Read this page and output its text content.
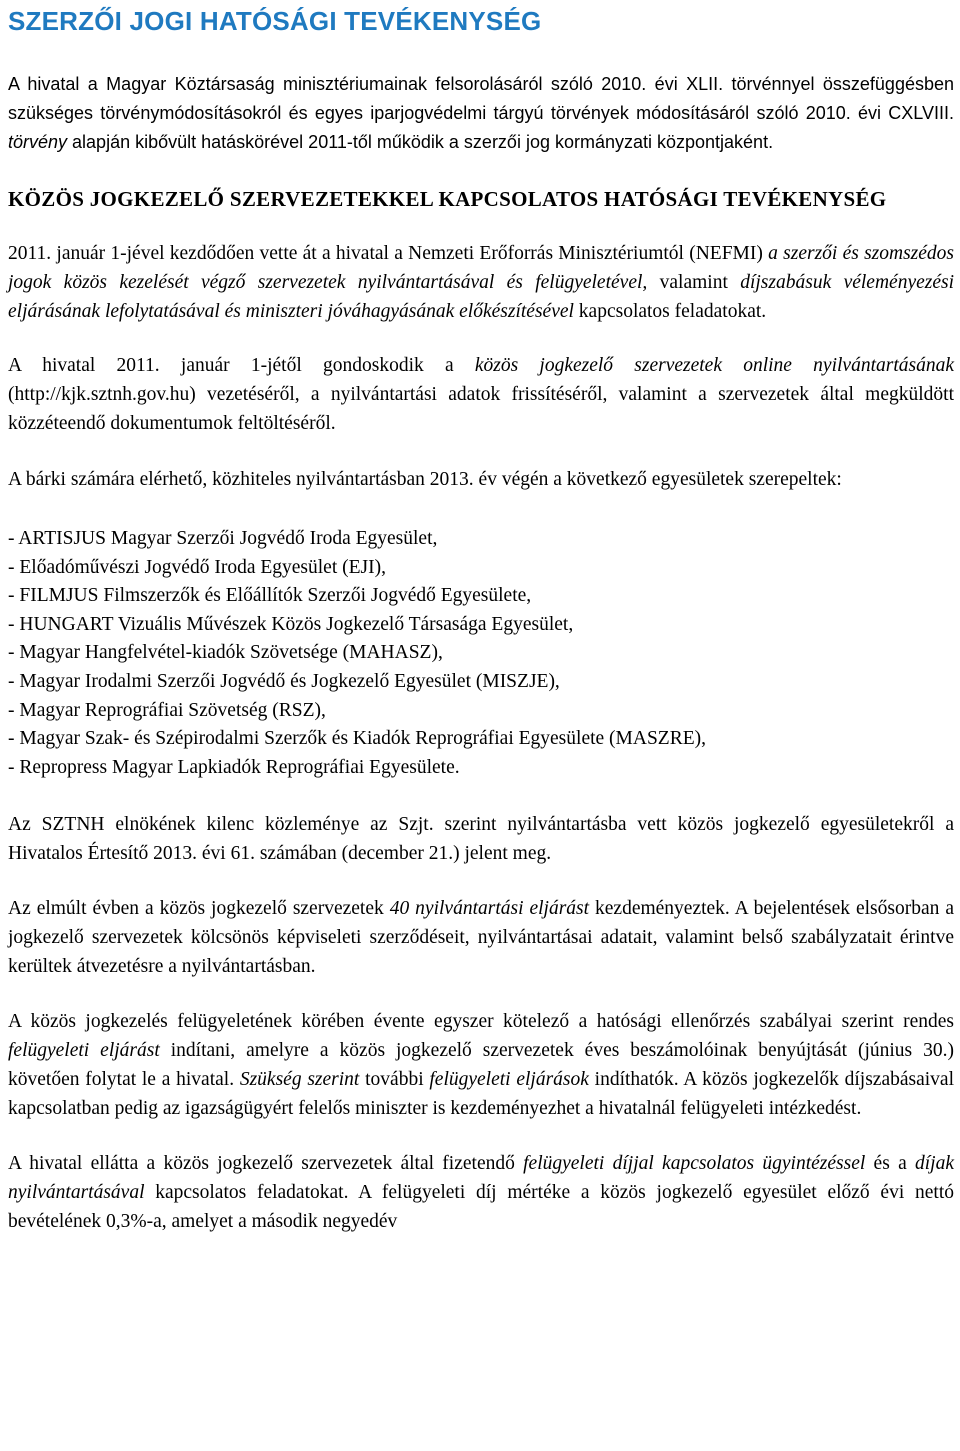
SZERZŐI JOGI HATÓSÁGI TEVÉKENYSÉG

A hivatal a Magyar Köztársaság minisztériumainak felsorolásáról szóló 2010. évi XLII. törvénnyel összefüggésben szükséges törvénymódosításokról és egyes iparjogvédelmi tárgyú törvények módosításáról szóló 2010. évi CXLVIII. törvény alapján kibővült hatáskörével 2011-től működik a szerzői jog kormányzati központjaként.

KÖZÖS JOGKEZELŐ SZERVEZETEKKEL KAPCSOLATOS HATÓSÁGI TEVÉKENYSÉG

2011. január 1-jével kezdődően vette át a hivatal a Nemzeti Erőforrás Minisztériumtól (NEFMI) a szerzői és szomszédos jogok közös kezelését végző szervezetek nyilvántartásával és felügyeletével, valamint díjszabásuk véleményezési eljárásának lefolytatásával és miniszteri jóváhagyásának előkészítésével kapcsolatos feladatokat.

A hivatal 2011. január 1-jétől gondoskodik a közös jogkezelő szervezetek online nyilvántartásának (http://kjk.sztnh.gov.hu) vezetéséről, a nyilvántartási adatok frissítéséről, valamint a szervezetek által megküldött közzéteendő dokumentumok feltöltéséről.

A bárki számára elérhető, közhiteles nyilvántartásban 2013. év végén a következő egyesületek szerepeltek:

- ARTISJUS Magyar Szerzői Jogvédő Iroda Egyesület,
- Előadóművészi Jogvédő Iroda Egyesület (EJI),
- FILMJUS Filmszerzők és Előállítók Szerzői Jogvédő Egyesülete,
- HUNGART Vizuális Művészek Közös Jogkezelő Társasága Egyesület,
- Magyar Hangfelvétel-kiadók Szövetsége (MAHASZ),
- Magyar Irodalmi Szerzői Jogvédő és Jogkezelő Egyesület (MISZJE),
- Magyar Reprográfiai Szövetség (RSZ),
- Magyar Szak- és Szépirodalmi Szerzők és Kiadók Reprográfiai Egyesülete (MASZRE),
- Repropress Magyar Lapkiadók Reprográfiai Egyesülete.

Az SZTNH elnökének kilenc közleménye az Szjt. szerint nyilvántartásba vett közös jogkezelő egyesületekről a Hivatalos Értesítő 2013. évi 61. számában (december 21.) jelent meg.

Az elmúlt évben a közös jogkezelő szervezetek 40 nyilvántartási eljárást kezdeményeztek. A bejelentések elsősorban a jogkezelő szervezetek kölcsönös képviseleti szerződéseit, nyilvántartásai adatait, valamint belső szabályzatait érintve kerültek átvezetésre a nyilvántartásban.

A közös jogkezelés felügyeletének körében évente egyszer kötelező a hatósági ellenőrzés szabályai szerint rendes felügyeleti eljárást indítani, amelyre a közös jogkezelő szervezetek éves beszámolóinak benyújtását (június 30.) követően folytat le a hivatal. Szükség szerint további felügyeleti eljárások indíthatók. A közös jogkezelők díjszabásaival kapcsolatban pedig az igazságügyért felelős miniszter is kezdeményezhet a hivatalnál felügyeleti intézkedést.

A hivatal ellátta a közös jogkezelő szervezetek által fizetendő felügyeleti díjjal kapcsolatos ügyintézéssel és a díjak nyilvántartásával kapcsolatos feladatokat. A felügyeleti díj mértéke a közös jogkezelő egyesület előző évi nettó bevételének 0,3%-a, amelyet a második negyedév
